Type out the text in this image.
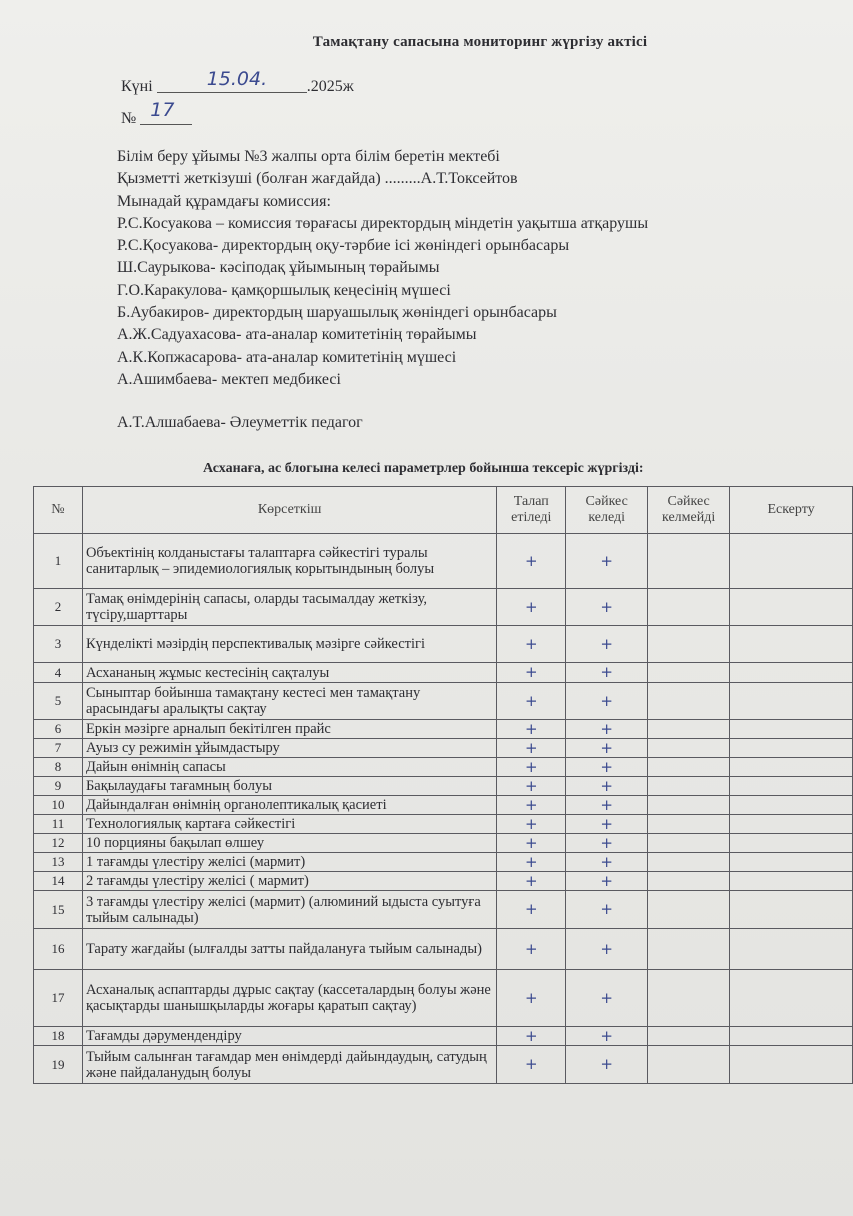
Тамақтану сапасына мониторинг жүргізу актісі
Күні	15.04. .2025ж
№ 17
Білім беру ұйымы №3 жалпы орта білім беретін мектебі
Қызметті жеткізуші (болған жағдайда) .........А.Т.Токсейтов
Мынадай құрамдағы комиссия:
Р.С.Косуакова – комиссия төрағасы директордың міндетін уақытша атқарушы
Р.С.Қосуакова- директордың оқу-тәрбие ісі жөніндегі орынбасары
Ш.Саурыкова- кәсіподақ ұйымының төрайымы
Г.О.Каракулова- қамқоршылық кеңесінің мүшесі
Б.Аубакиров- директордың шаруашылық жөніндегі орынбасары
А.Ж.Садуахасова- ата-аналар комитетінің төрайымы
А.К.Копжасарова- ата-аналар комитетінің мүшесі
А.Ашимбаева- мектеп медбикесі
А.Т.Алшабаева- Әлеуметтік педагог
Асханаға, ас блогына келесі параметрлер бойынша тексеріс жүргізді:
№	Көрсеткіш	Талап етіледі	Сәйкес келеді	Сәйкес келмейді	Ескерту
1	Объектінің колданыстағы талаптарға сәйкестігі туралы санитарлық – эпидемиологиялық корытындының болуы	+	+		
2	Тамақ өнімдерінің сапасы, оларды тасымалдау жеткізу, түсіру,шарттары	+	+		
3	Күнделікті мәзірдің перспективалық мәзірге сәйкестігі	+	+		
4	Асхананың жұмыс кестесінің сақталуы	+	+		
5	Сыныптар бойынша тамақтану кестесі мен тамақтану арасындағы аралықты сақтау	+	+		
6	Еркін мәзірге арналып бекітілген прайс	+	+		
7	Ауыз су режимін ұйымдастыру	+	+		
8	Дайын өнімнің сапасы	+	+		
9	Бақылаудағы тағамның болуы	+	+		
10	Дайындалған өнімнің органолептикалық қасиеті	+	+		
11	Технологиялық картаға сәйкестігі	+	+		
12	10 порцияны бақылап өлшеу	+	+		
13	1 тағамды үлестіру желісі (мармит)	+	+		
14	2 тағамды үлестіру желісі ( мармит)	+	+		
15	3 тағамды үлестіру желісі (мармит) (алюминий ыдыста суытуға тыйым салынады)	+	+		
16	Тарату жағдайы (ылғалды затты пайдалануға тыйым салынады)	+	+		
17	Асханалық аспаптарды дұрыс сақтау (кассеталардың болуы және қасықтарды шанышқыларды жоғары қаратып сақтау)	+	+		
18	Тағамды дәрумендендіру	+	+		
19	Тыйым салынған тағамдар мен өнімдерді дайындаудың, сатудың және пайдаланудың болуы	+	+		
